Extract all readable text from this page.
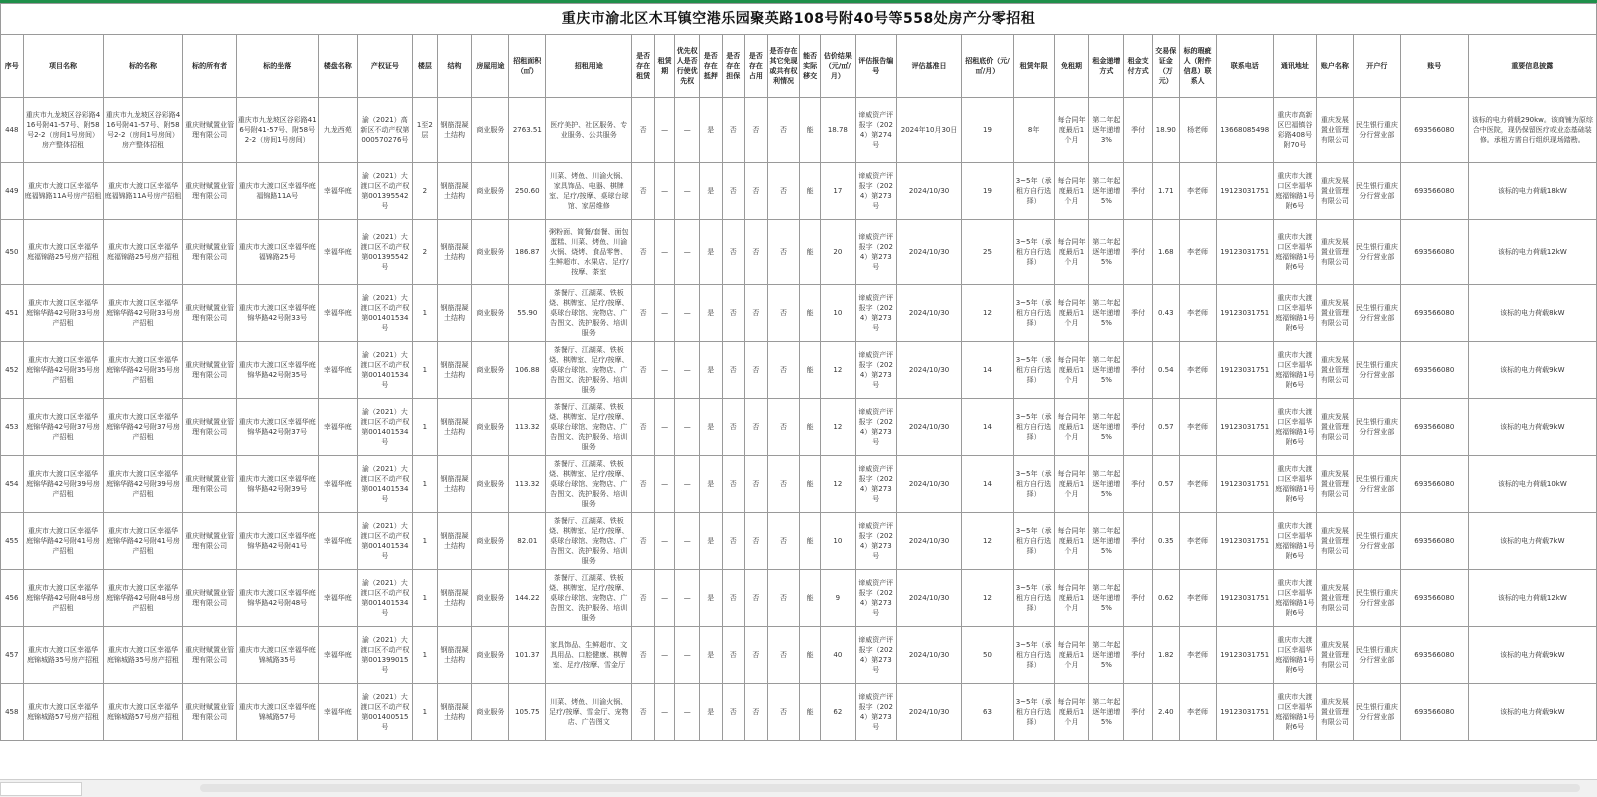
重庆市渝北区木耳镇空港乐园聚英路108号附40号等558处房产分零招租																																			
序号	项目名称	标的名称	标的所有者	标的坐落	楼盘名称	产权证号	楼层	结构	房屋用途	招租面积（㎡）	招租用途	是否存在租赁	租赁期	优先权人是否行使优先权	是否存在抵押	是否存在担保	是否存在占用	是否存在其它免现或共有权利情况	能否实际移交	估价结果（元/㎡/月）	评估报告编号	评估基准日	招租底价（元/㎡/月）	租赁年限	免租期	租金递增方式	租金支付方式	交易保证金（万元）	标的瑕疵人（附件信息）联系人	联系电话	通讯地址	账户名称	开户行	账号	重要信息披露
448	重庆市九龙坡区谷彩路416号附41-57号、附58号2-2（房间1号房间）房产整体招租	重庆市九龙坡区谷彩路416号附41-57号、附58号2-2（房间1号房间）房产整体招租	重庆财赋置业管理有限公司	重庆市九龙坡区谷彩路416号附41-57号、附58号2-2（房间1号房间）	九龙西苑	渝（2021）高新区不动产权第000570276号	1至2层	钢筋混凝土结构	商业服务	2763.51	医疗美护、社区服务、专业服务、公共服务	否	—	—	是	否	否	否	能	18.78	谛威资产评报字（2024）第274号	2024年10月30日	19	8年	每合同年度最后1个月	第二年起逐年递增3%	季付	18.90	杨老师	13668085498	重庆市高新区巴福镇谷彩路408号附70号	重庆发展置业管理有限公司	民生银行重庆分行营业部	693566080	该标的电力荷载290kw。该商铺为原综合中医院，现仍保留医疗或业态基础装修。承租方需自行组织现场踏勘。
449	重庆市大渡口区幸福华庭福锦路11A号房产招租	重庆市大渡口区幸福华庭福锦路11A号房产招租	重庆财赋置业管理有限公司	重庆市大渡口区幸福华庭福锦路11A号	幸福华庭	渝（2021）大渡口区不动产权第001395542号	2	钢筋混凝土结构	商业服务	250.60	川菜、烤鱼、川渝火锅、家具饰品、电器、棋牌室、足疗/按摩、桌球台球馆、家居维修	否	—	—	是	否	否	否	能	17	谛威资产评报字（2024）第273号	2024/10/30	19	3~5年（承租方自行选择）	每合同年度最后1个月	第二年起逐年递增5%	季付	1.71	李老师	19123031751	重庆市大渡口区幸福华庭福锦路1号附6号	重庆发展置业管理有限公司	民生银行重庆分行营业部	693566080	该标的电力荷载18kW
450	重庆市大渡口区幸福华庭福锦路25号房产招租	重庆市大渡口区幸福华庭福锦路25号房产招租	重庆财赋置业管理有限公司	重庆市大渡口区幸福华庭福锦路25号	幸福华庭	渝（2021）大渡口区不动产权第001395542号	2	钢筋混凝土结构	商业服务	186.87	粥粉面、简餐/套餐、面包蛋糕、川菜、烤鱼、川渝火锅、烧烤、食品零售、生鲜超市、水果店、足疗/按摩、茶室	否	—	—	是	否	否	否	能	20	谛威资产评报字（2024）第273号	2024/10/30	25	3~5年（承租方自行选择）	每合同年度最后1个月	第二年起逐年递增5%	季付	1.68	李老师	19123031751	重庆市大渡口区幸福华庭福锦路1号附6号	重庆发展置业管理有限公司	民生银行重庆分行营业部	693566080	该标的电力荷载12kW
451	重庆市大渡口区幸福华庭锦华路42号附33号房产招租	重庆市大渡口区幸福华庭锦华路42号附33号房产招租	重庆财赋置业管理有限公司	重庆市大渡口区幸福华庭锦华路42号附33号	幸福华庭	渝（2021）大渡口区不动产权第001401534号	1	钢筋混凝土结构	商业服务	55.90	茶餐厅、江湖菜、铁板烧、棋牌室、足疗/按摩、桌球台球馆、宠物店、广告图文、洗护服务、培训服务	否	—	—	是	否	否	否	能	10	谛威资产评报字（2024）第273号	2024/10/30	12	3~5年（承租方自行选择）	每合同年度最后1个月	第二年起逐年递增5%	季付	0.43	李老师	19123031751	重庆市大渡口区幸福华庭福锦路1号附6号	重庆发展置业管理有限公司	民生银行重庆分行营业部	693566080	该标的电力荷载8kW
452	重庆市大渡口区幸福华庭锦华路42号附35号房产招租	重庆市大渡口区幸福华庭锦华路42号附35号房产招租	重庆财赋置业管理有限公司	重庆市大渡口区幸福华庭锦华路42号附35号	幸福华庭	渝（2021）大渡口区不动产权第001401534号	1	钢筋混凝土结构	商业服务	106.88	茶餐厅、江湖菜、铁板烧、棋牌室、足疗/按摩、桌球台球馆、宠物店、广告图文、洗护服务、培训服务	否	—	—	是	否	否	否	能	12	谛威资产评报字（2024）第273号	2024/10/30	14	3~5年（承租方自行选择）	每合同年度最后1个月	第二年起逐年递增5%	季付	0.54	李老师	19123031751	重庆市大渡口区幸福华庭福锦路1号附6号	重庆发展置业管理有限公司	民生银行重庆分行营业部	693566080	该标的电力荷载9kW
453	重庆市大渡口区幸福华庭锦华路42号附37号房产招租	重庆市大渡口区幸福华庭锦华路42号附37号房产招租	重庆财赋置业管理有限公司	重庆市大渡口区幸福华庭锦华路42号附37号	幸福华庭	渝（2021）大渡口区不动产权第001401534号	1	钢筋混凝土结构	商业服务	113.32	茶餐厅、江湖菜、铁板烧、棋牌室、足疗/按摩、桌球台球馆、宠物店、广告图文、洗护服务、培训服务	否	—	—	是	否	否	否	能	12	谛威资产评报字（2024）第273号	2024/10/30	14	3~5年（承租方自行选择）	每合同年度最后1个月	第二年起逐年递增5%	季付	0.57	李老师	19123031751	重庆市大渡口区幸福华庭福锦路1号附6号	重庆发展置业管理有限公司	民生银行重庆分行营业部	693566080	该标的电力荷载9kW
454	重庆市大渡口区幸福华庭锦华路42号附39号房产招租	重庆市大渡口区幸福华庭锦华路42号附39号房产招租	重庆财赋置业管理有限公司	重庆市大渡口区幸福华庭锦华路42号附39号	幸福华庭	渝（2021）大渡口区不动产权第001401534号	1	钢筋混凝土结构	商业服务	113.32	茶餐厅、江湖菜、铁板烧、棋牌室、足疗/按摩、桌球台球馆、宠物店、广告图文、洗护服务、培训服务	否	—	—	是	否	否	否	能	12	谛威资产评报字（2024）第273号	2024/10/30	14	3~5年（承租方自行选择）	每合同年度最后1个月	第二年起逐年递增5%	季付	0.57	李老师	19123031751	重庆市大渡口区幸福华庭福锦路1号附6号	重庆发展置业管理有限公司	民生银行重庆分行营业部	693566080	该标的电力荷载10kW
455	重庆市大渡口区幸福华庭锦华路42号附41号房产招租	重庆市大渡口区幸福华庭锦华路42号附41号房产招租	重庆财赋置业管理有限公司	重庆市大渡口区幸福华庭锦华路42号附41号	幸福华庭	渝（2021）大渡口区不动产权第001401534号	1	钢筋混凝土结构	商业服务	82.01	茶餐厅、江湖菜、铁板烧、棋牌室、足疗/按摩、桌球台球馆、宠物店、广告图文、洗护服务、培训服务	否	—	—	是	否	否	否	能	10	谛威资产评报字（2024）第273号	2024/10/30	12	3~5年（承租方自行选择）	每合同年度最后1个月	第二年起逐年递增5%	季付	0.35	李老师	19123031751	重庆市大渡口区幸福华庭福锦路1号附6号	重庆发展置业管理有限公司	民生银行重庆分行营业部	693566080	该标的电力荷载7kW
456	重庆市大渡口区幸福华庭锦华路42号附48号房产招租	重庆市大渡口区幸福华庭锦华路42号附48号房产招租	重庆财赋置业管理有限公司	重庆市大渡口区幸福华庭锦华路42号附48号	幸福华庭	渝（2021）大渡口区不动产权第001401534号	1	钢筋混凝土结构	商业服务	144.22	茶餐厅、江湖菜、铁板烧、棋牌室、足疗/按摩、桌球台球馆、宠物店、广告图文、洗护服务、培训服务	否	—	—	是	否	否	否	能	9	谛威资产评报字（2024）第273号	2024/10/30	12	3~5年（承租方自行选择）	每合同年度最后1个月	第二年起逐年递增5%	季付	0.62	李老师	19123031751	重庆市大渡口区幸福华庭福锦路1号附6号	重庆发展置业管理有限公司	民生银行重庆分行营业部	693566080	该标的电力荷载12kW
457	重庆市大渡口区幸福华庭锦城路35号房产招租	重庆市大渡口区幸福华庭锦城路35号房产招租	重庆财赋置业管理有限公司	重庆市大渡口区幸福华庭锦城路35号	幸福华庭	渝（2021）大渡口区不动产权第001399015号	1	钢筋混凝土结构	商业服务	101.37	家具饰品、生鲜超市、文具用品、口腔健康、棋牌室、足疗/按摩、雪金厅	否	—	—	是	否	否	否	能	40	谛威资产评报字（2024）第273号	2024/10/30	50	3~5年（承租方自行选择）	每合同年度最后1个月	第二年起逐年递增5%	季付	1.82	李老师	19123031751	重庆市大渡口区幸福华庭福锦路1号附6号	重庆发展置业管理有限公司	民生银行重庆分行营业部	693566080	该标的电力荷载9kW
458	重庆市大渡口区幸福华庭锦城路57号房产招租	重庆市大渡口区幸福华庭锦城路57号房产招租	重庆财赋置业管理有限公司	重庆市大渡口区幸福华庭锦城路57号	幸福华庭	渝（2021）大渡口区不动产权第001400515号	1	钢筋混凝土结构	商业服务	105.75	川菜、烤鱼、川渝火锅、足疗/按摩、雪金厅、宠物店、广告图文	否	—	—	是	否	否	否	能	62	谛威资产评报字（2024）第273号	2024/10/30	63	3~5年（承租方自行选择）	每合同年度最后1个月	第二年起逐年递增5%	季付	2.40	李老师	19123031751	重庆市大渡口区幸福华庭福锦路1号附6号	重庆发展置业管理有限公司	民生银行重庆分行营业部	693566080	该标的电力荷载9kW
